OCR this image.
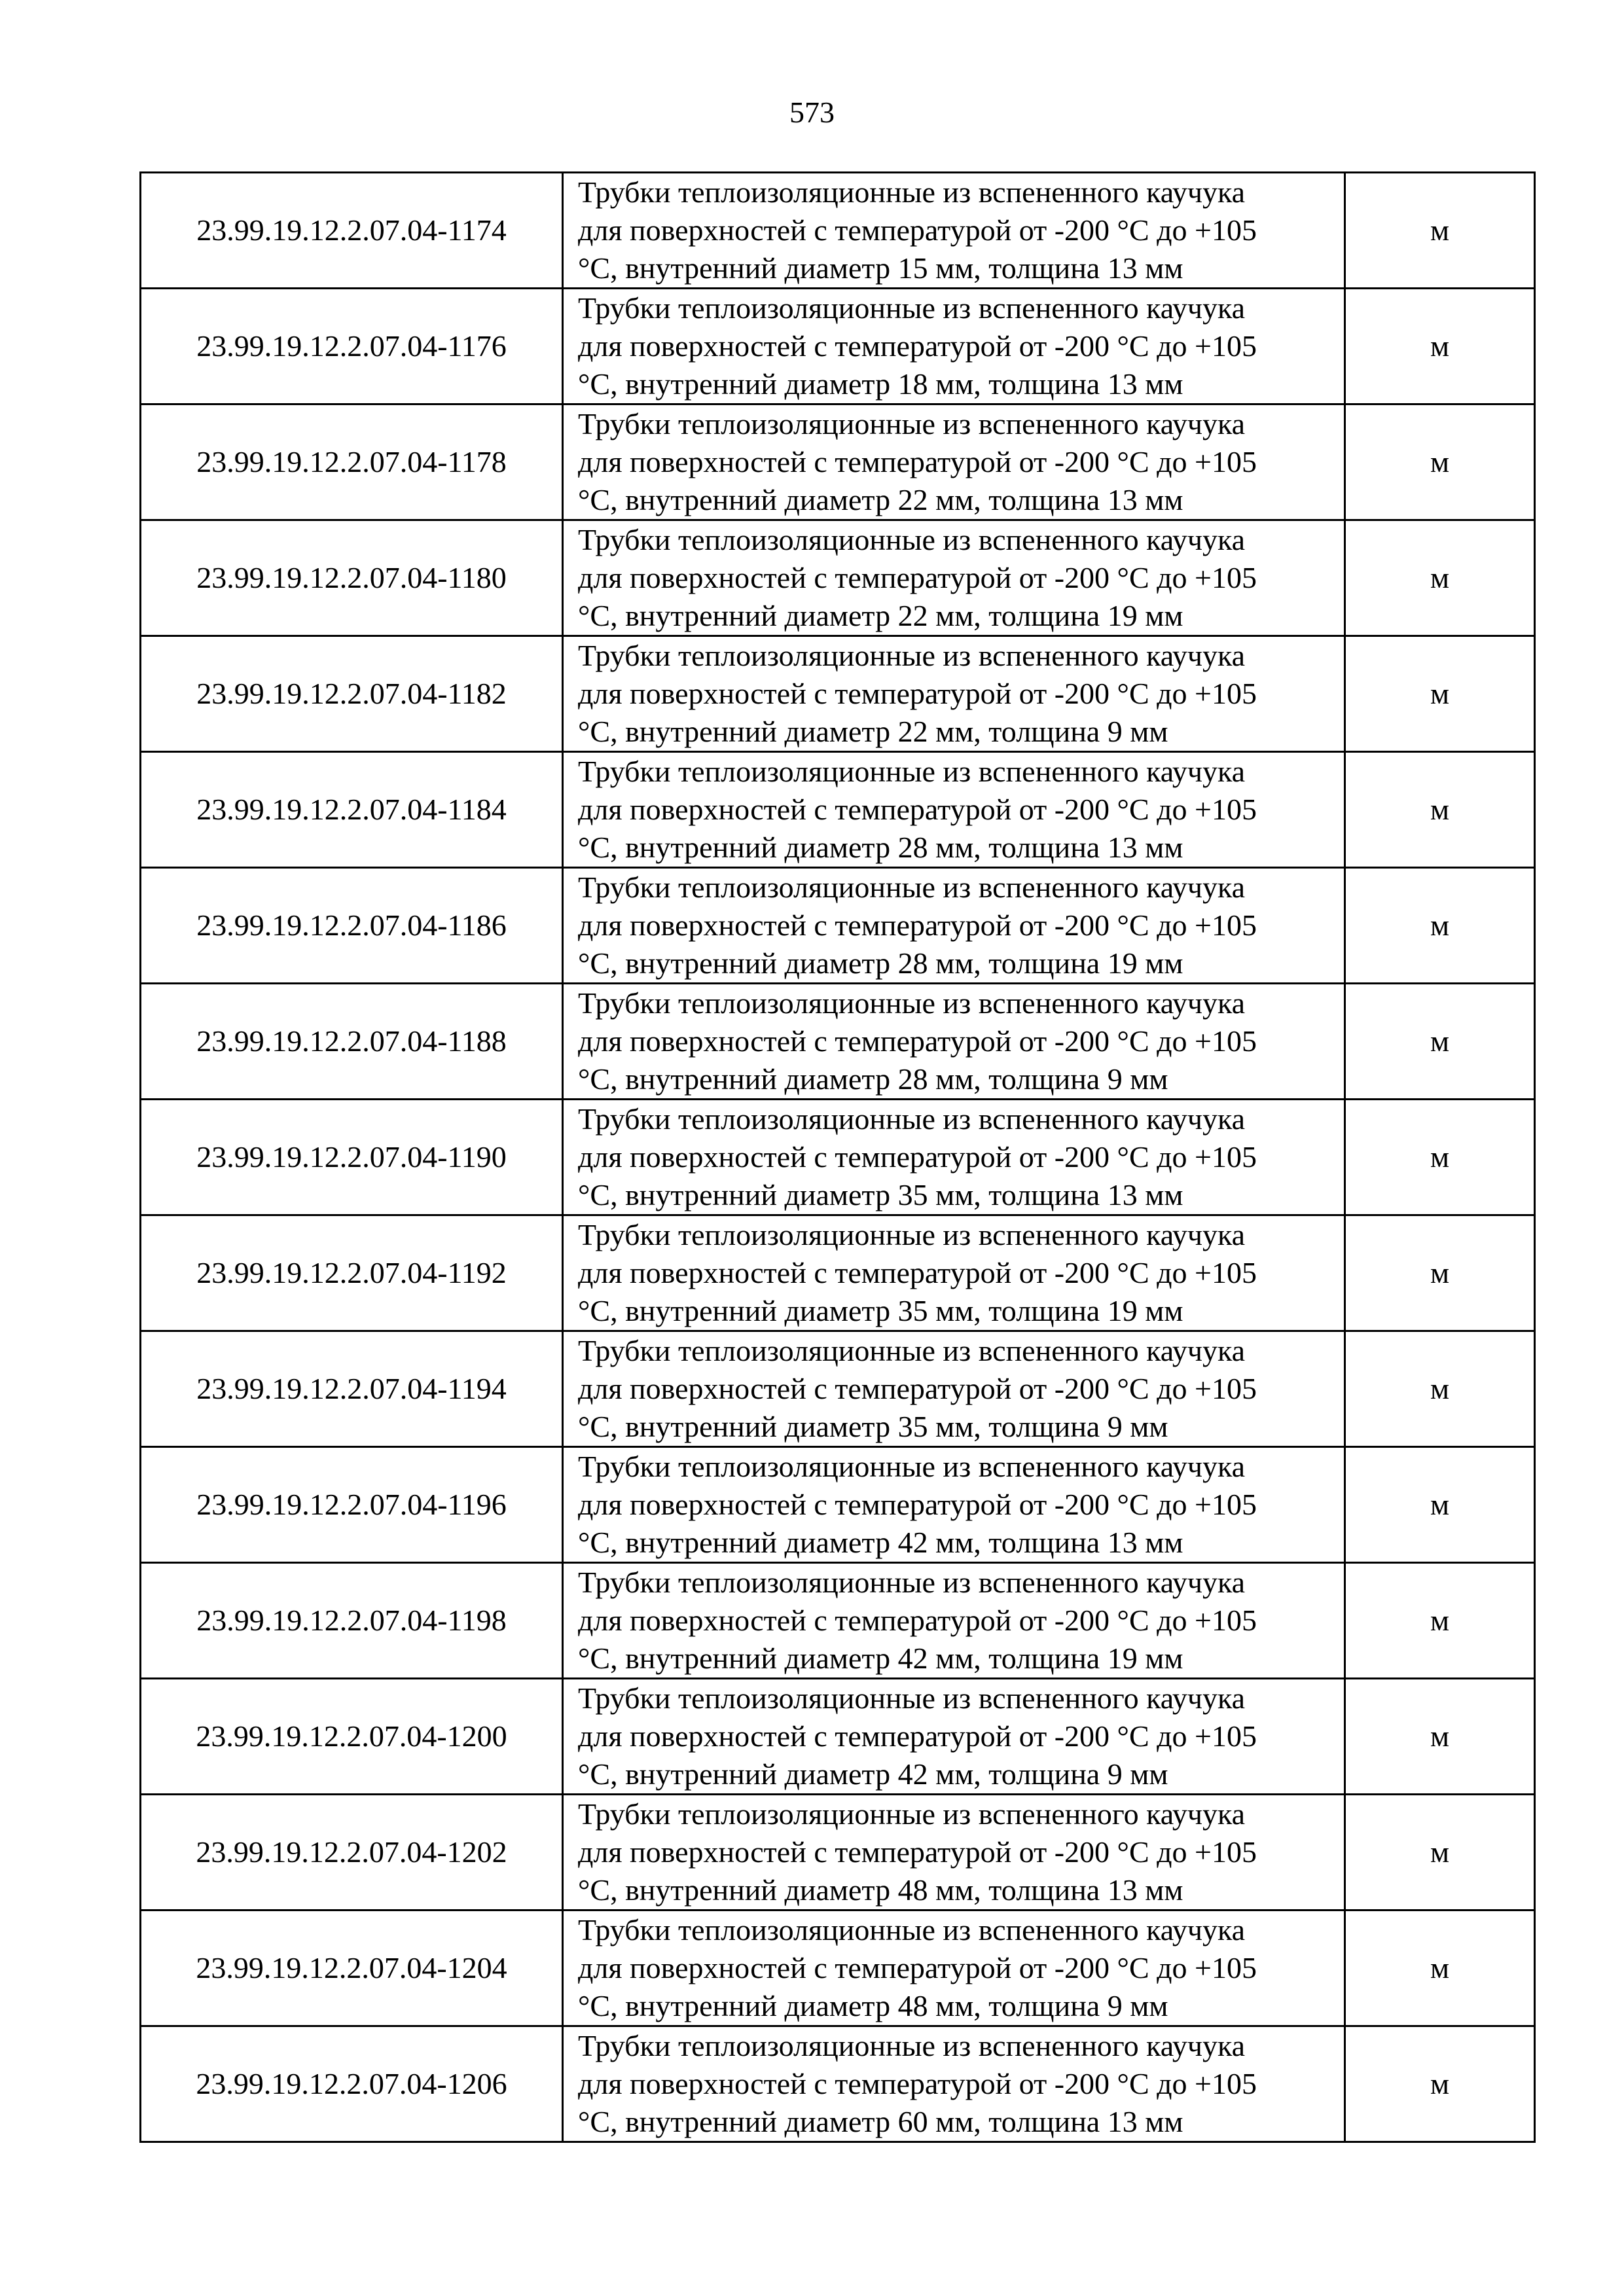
573
23.99.19.12.2.07.04-1174	Трубки теплоизоляционные из вспененного каучука
для поверхностей с температурой от -200 °С до +105
°С, внутренний диаметр 15 мм, толщина 13 мм	м
23.99.19.12.2.07.04-1176	Трубки теплоизоляционные из вспененного каучука
для поверхностей с температурой от -200 °С до +105
°С, внутренний диаметр 18 мм, толщина 13 мм	м
23.99.19.12.2.07.04-1178	Трубки теплоизоляционные из вспененного каучука
для поверхностей с температурой от -200 °С до +105
°С, внутренний диаметр 22 мм, толщина 13 мм	м
23.99.19.12.2.07.04-1180	Трубки теплоизоляционные из вспененного каучука
для поверхностей с температурой от -200 °С до +105
°С, внутренний диаметр 22 мм, толщина 19 мм	м
23.99.19.12.2.07.04-1182	Трубки теплоизоляционные из вспененного каучука
для поверхностей с температурой от -200 °С до +105
°С, внутренний диаметр 22 мм, толщина 9 мм	м
23.99.19.12.2.07.04-1184	Трубки теплоизоляционные из вспененного каучука
для поверхностей с температурой от -200 °С до +105
°С, внутренний диаметр 28 мм, толщина 13 мм	м
23.99.19.12.2.07.04-1186	Трубки теплоизоляционные из вспененного каучука
для поверхностей с температурой от -200 °С до +105
°С, внутренний диаметр 28 мм, толщина 19 мм	м
23.99.19.12.2.07.04-1188	Трубки теплоизоляционные из вспененного каучука
для поверхностей с температурой от -200 °С до +105
°С, внутренний диаметр 28 мм, толщина 9 мм	м
23.99.19.12.2.07.04-1190	Трубки теплоизоляционные из вспененного каучука
для поверхностей с температурой от -200 °С до +105
°С, внутренний диаметр 35 мм, толщина 13 мм	м
23.99.19.12.2.07.04-1192	Трубки теплоизоляционные из вспененного каучука
для поверхностей с температурой от -200 °С до +105
°С, внутренний диаметр 35 мм, толщина 19 мм	м
23.99.19.12.2.07.04-1194	Трубки теплоизоляционные из вспененного каучука
для поверхностей с температурой от -200 °С до +105
°С, внутренний диаметр 35 мм, толщина 9 мм	м
23.99.19.12.2.07.04-1196	Трубки теплоизоляционные из вспененного каучука
для поверхностей с температурой от -200 °С до +105
°С, внутренний диаметр 42 мм, толщина 13 мм	м
23.99.19.12.2.07.04-1198	Трубки теплоизоляционные из вспененного каучука
для поверхностей с температурой от -200 °С до +105
°С, внутренний диаметр 42 мм, толщина 19 мм	м
23.99.19.12.2.07.04-1200	Трубки теплоизоляционные из вспененного каучука
для поверхностей с температурой от -200 °С до +105
°С, внутренний диаметр 42 мм, толщина 9 мм	м
23.99.19.12.2.07.04-1202	Трубки теплоизоляционные из вспененного каучука
для поверхностей с температурой от -200 °С до +105
°С, внутренний диаметр 48 мм, толщина 13 мм	м
23.99.19.12.2.07.04-1204	Трубки теплоизоляционные из вспененного каучука
для поверхностей с температурой от -200 °С до +105
°С, внутренний диаметр 48 мм, толщина 9 мм	м
23.99.19.12.2.07.04-1206	Трубки теплоизоляционные из вспененного каучука
для поверхностей с температурой от -200 °С до +105
°С, внутренний диаметр 60 мм, толщина 13 мм	м
